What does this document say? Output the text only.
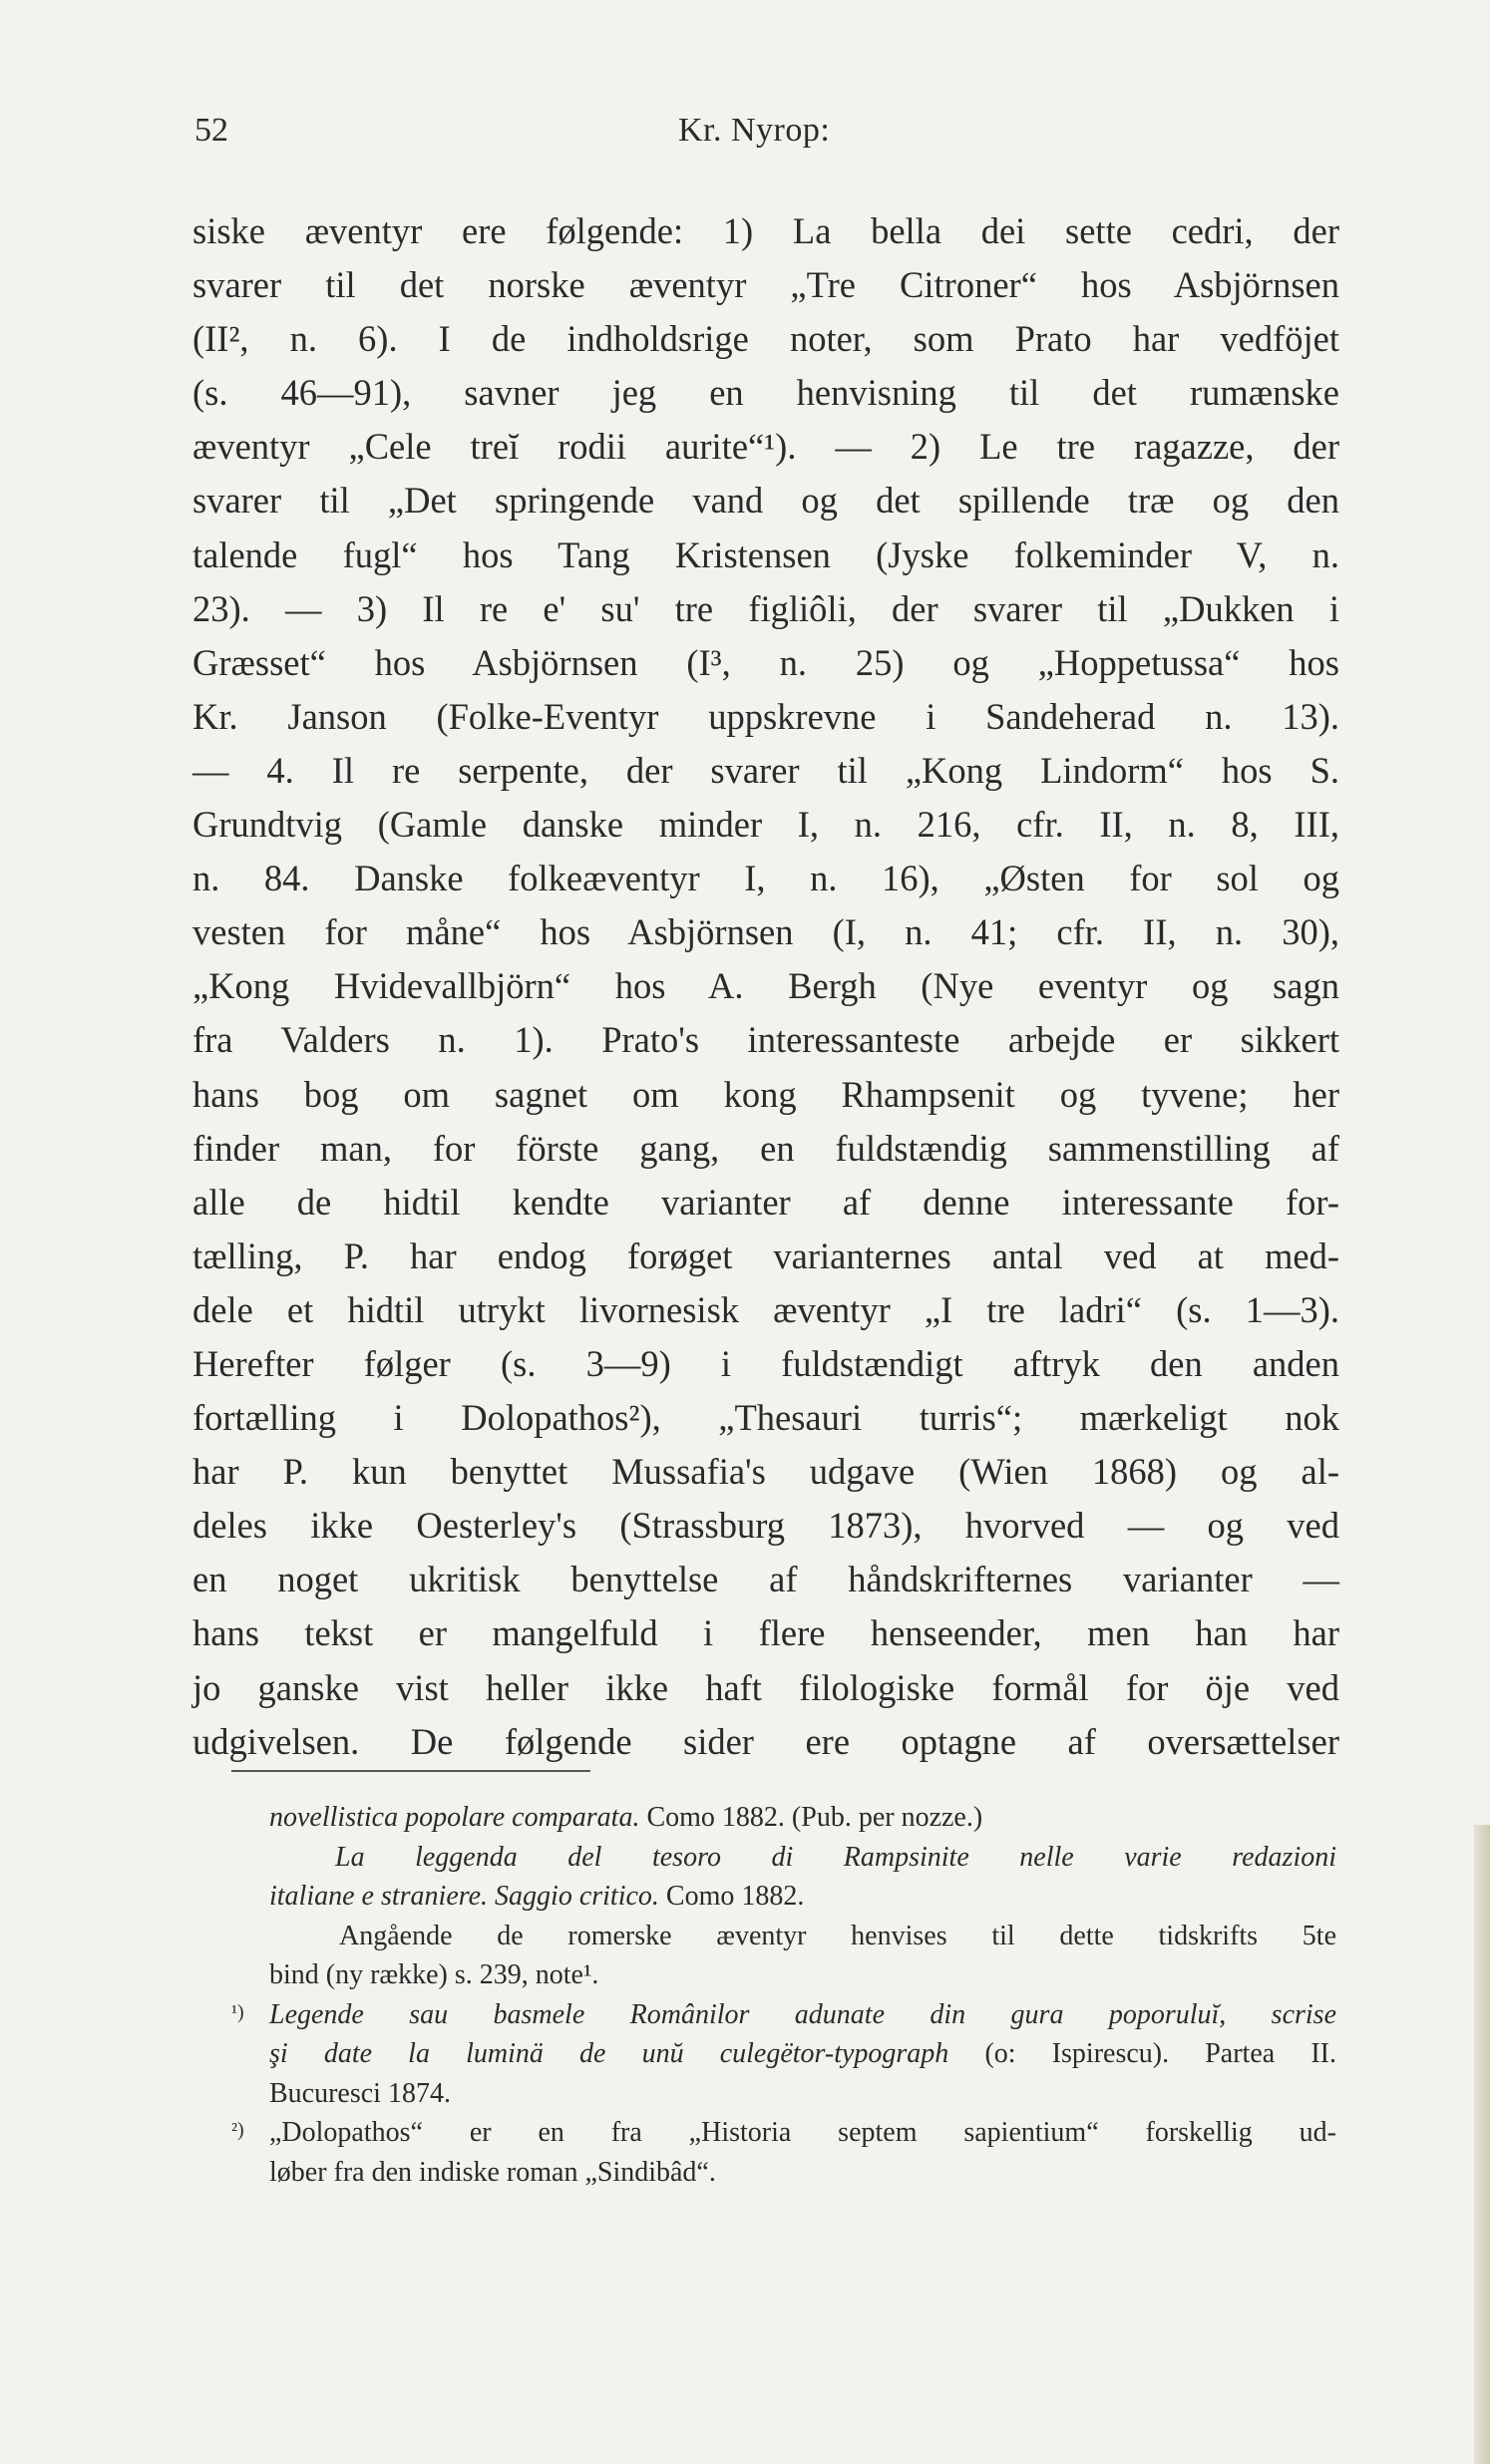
52	Kr. Nyrop:
siske æventyr ere følgende: 1) La bella dei sette cedri, der
svarer til det norske æventyr „Tre Citroner“ hos Asbjörnsen
(II², n. 6). I de indholdsrige noter, som Prato har vedföjet
(s. 46—91), savner jeg en henvisning til det rumænske
æventyr „Cele treĭ rodii aurite“¹). — 2) Le tre ragazze, der
svarer til „Det springende vand og det spillende træ og den
talende fugl“ hos Tang Kristensen (Jyske folkeminder V, n.
23). — 3) Il re e' su' tre figliôli, der svarer til „Dukken i
Græsset“ hos Asbjörnsen (I³, n. 25) og „Hoppetussa“ hos
Kr. Janson (Folke-Eventyr uppskrevne i Sandeherad n. 13).
— 4. Il re serpente, der svarer til „Kong Lindorm“ hos S.
Grundtvig (Gamle danske minder I, n. 216, cfr. II, n. 8, III,
n. 84. Danske folkeæventyr I, n. 16), „Østen for sol og
vesten for måne“ hos Asbjörnsen (I, n. 41; cfr. II, n. 30),
„Kong Hvidevallbjörn“ hos A. Bergh (Nye eventyr og sagn
fra Valders n. 1). Prato's interessanteste arbejde er sikkert
hans bog om sagnet om kong Rhampsenit og tyvene; her
finder man, for förste gang, en fuldstændig sammenstilling af
alle de hidtil kendte varianter af denne interessante for-
tælling, P. har endog forøget varianternes antal ved at med-
dele et hidtil utrykt livornesisk æventyr „I tre ladri“ (s. 1—3).
Herefter følger (s. 3—9) i fuldstændigt aftryk den anden
fortælling i Dolopathos²), „Thesauri turris“; mærkeligt nok
har P. kun benyttet Mussafia's udgave (Wien 1868) og al-
deles ikke Oesterley's (Strassburg 1873), hvorved — og ved
en noget ukritisk benyttelse af håndskrifternes varianter —
hans tekst er mangelfuld i flere henseender, men han har
jo ganske vist heller ikke haft filologiske formål for öje ved
udgivelsen. De følgende sider ere optagne af oversættelser
novellistica popolare comparata. Como 1882. (Pub. per nozze.)
La leggenda del tesoro di Rampsinite nelle varie redazioni
italiane e straniere. Saggio critico. Como 1882.
Angående de romerske æventyr henvises til dette tidskrifts 5te
bind (ny række) s. 239, note¹.
¹) Legende sau basmele Românilor adunate din gura poporuluĭ, scrise
şi date la luminä de unŭ culegëtor-typograph (o: Ispirescu). Partea II.
Bucuresci 1874.
²) „Dolopathos“ er en fra „Historia septem sapientium“ forskellig ud-
løber fra den indiske roman „Sindibâd“.
